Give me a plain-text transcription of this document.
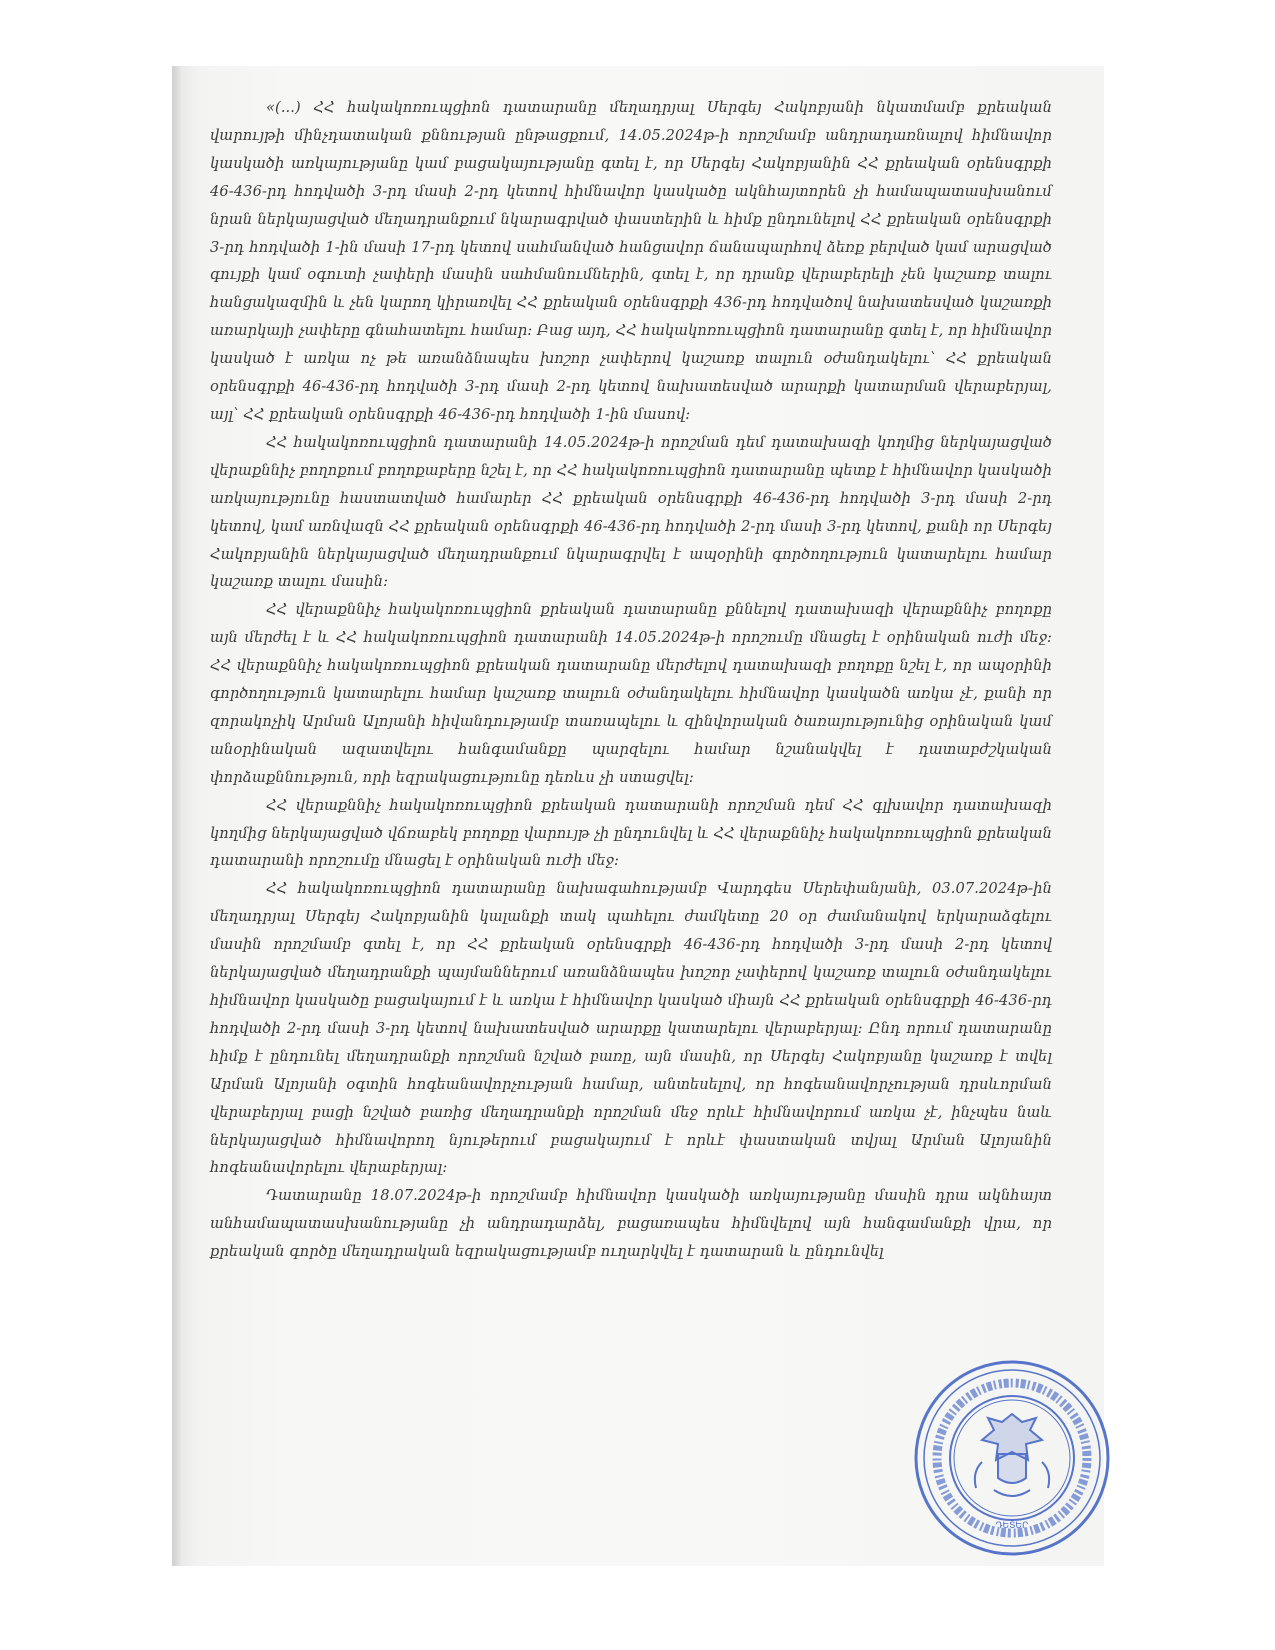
«(...) ՀՀ հակակոռուպցիոն դատարանը մեղադրյալ Սերգեյ Հակոբյանի նկատմամբ քրեական վարույթի մինչդատական քննության ընթացքում, 14.05.2024թ-ի որոշմամբ անդրադառնալով հիմնավոր կասկածի առկայությանը կամ բացակայությանը գտել է, որ Սերգեյ Հակոբյանին ՀՀ քրեական օրենսգրքի 46-436-րդ հոդվածի 3-րդ մասի 2-րդ կետով հիմնավոր կասկածը ակնհայտորեն չի համապատասխանում նրան ներկայացված մեղադրանքում նկարագրված փաստերին և հիմք ընդունելով ՀՀ քրեական օրենսգրքի 3-րդ հոդվածի 1-ին մասի 17-րդ կետով սահմանված հանցավոր ճանապարհով ձեռք բերված կամ արացված գույքի կամ օգուտի չափերի մասին սահմանումներին, գտել է, որ դրանք վերաբերելի չեն կաշառք տալու հանցակազմին և չեն կարող կիրառվել ՀՀ քրեական օրենսգրքի 436-րդ հոդվածով նախատեսված կաշառքի առարկայի չափերը գնահատելու համար: Բաց այդ, ՀՀ հակակոռուպցիոն դատարանը գտել է, որ հիմնավոր կասկած է առկա ոչ թե առանձնապես խոշոր չափերով կաշառք տալուն օժանդակելու՝ ՀՀ քրեական օրենսգրքի 46-436-րդ հոդվածի 3-րդ մասի 2-րդ կետով նախատեսված արարքի կատարման վերաբերյալ, այլ՝ ՀՀ քրեական օրենսգրքի 46-436-րդ հոդվածի 1-ին մասով:

ՀՀ հակակոռուպցիոն դատարանի 14.05.2024թ-ի որոշման դեմ դատախազի կողմից ներկայացված վերաքննիչ բողոքում բողոքաբերը նշել է, որ ՀՀ հակակոռուպցիոն դատարանը պետք է հիմնավոր կասկածի առկայությունը հաստատված համարեր ՀՀ քրեական օրենսգրքի 46-436-րդ հոդվածի 3-րդ մասի 2-րդ կետով, կամ առնվազն ՀՀ քրեական օրենսգրքի 46-436-րդ հոդվածի 2-րդ մասի 3-րդ կետով, քանի որ Սերգեյ Հակոբյանին ներկայացված մեղադրանքում նկարագրվել է ապօրինի գործողություն կատարելու համար կաշառք տալու մասին:

ՀՀ վերաքննիչ հակակոռուպցիոն քրեական դատարանը քննելով դատախազի վերաքննիչ բողոքը այն մերժել է և ՀՀ հակակոռուպցիոն դատարանի 14.05.2024թ-ի որոշումը մնացել է օրինական ուժի մեջ: ՀՀ վերաքննիչ հակակոռուպցիոն քրեական դատարանը մերժելով դատախազի բողոքը նշել է, որ ապօրինի գործողություն կատարելու համար կաշառք տալուն օժանդակելու հիմնավոր կասկածն առկա չէ, քանի որ զորակոչիկ Արման Ալոյանի հիվանդությամբ տառապելու և զինվորական ծառայությունից օրինական կամ անօրինական ազատվելու հանգամանքը պարզելու համար նշանակվել է դատաբժշկական փորձաքննություն, որի եզրակացությունը դեռևս չի ստացվել:

ՀՀ վերաքննիչ հակակոռուպցիոն քրեական դատարանի որոշման դեմ ՀՀ գլխավոր դատախազի կողմից ներկայացված վճռաբեկ բողոքը վարույթ չի ընդունվել և ՀՀ վերաքննիչ հակակոռուպցիոն քրեական դատարանի որոշումը մնացել է օրինական ուժի մեջ:

ՀՀ հակակոռուպցիոն դատարանը նախագահությամբ Վարդգես Սերեփանյանի, 03.07.2024թ-ին մեղադրյալ Սերգեյ Հակոբյանին կալանքի տակ պահելու ժամկետը 20 օր ժամանակով երկարաձգելու մասին որոշմամբ գտել է, որ ՀՀ քրեական օրենսգրքի 46-436-րդ հոդվածի 3-րդ մասի 2-րդ կետով ներկայացված մեղադրանքի պայմաններում առանձնապես խոշոր չափերով կաշառք տալուն օժանդակելու հիմնավոր կասկածը բացակայում է և առկա է հիմնավոր կասկած միայն ՀՀ քրեական օրենսգրքի 46-436-րդ հոդվածի 2-րդ մասի 3-րդ կետով նախատեսված արարքը կատարելու վերաբերյալ: Ընդ որում դատարանը հիմք է ընդունել մեղադրանքի որոշման նշված բառը, այն մասին, որ Սերգեյ Հակոբյանը կաշառք է տվել Արման Ալոյանի օգտին հոգեանավորչության համար, անտեսելով, որ հոգեանավորչության դրսևորման վերաբերյալ բացի նշված բառից մեղադրանքի որոշման մեջ որևէ հիմնավորում առկա չէ, ինչպես նաև ներկայացված հիմնավորող նյութերում բացակայում է որևէ փաստական տվյալ Արման Ալոյանին հոգեանավորելու վերաբերյալ:

Դատարանը 18.07.2024թ-ի որոշմամբ հիմնավոր կասկածի առկայությանը մասին դրա ակնհայտ անհամապատասխանությանը չի անդրադարձել, բացառապես հիմնվելով այն հանգամանքի վրա, որ քրեական գործը մեղադրական եզրակացությամբ ուղարկվել է դատարան և ընդունվել

ԴԵՏԵՐ
